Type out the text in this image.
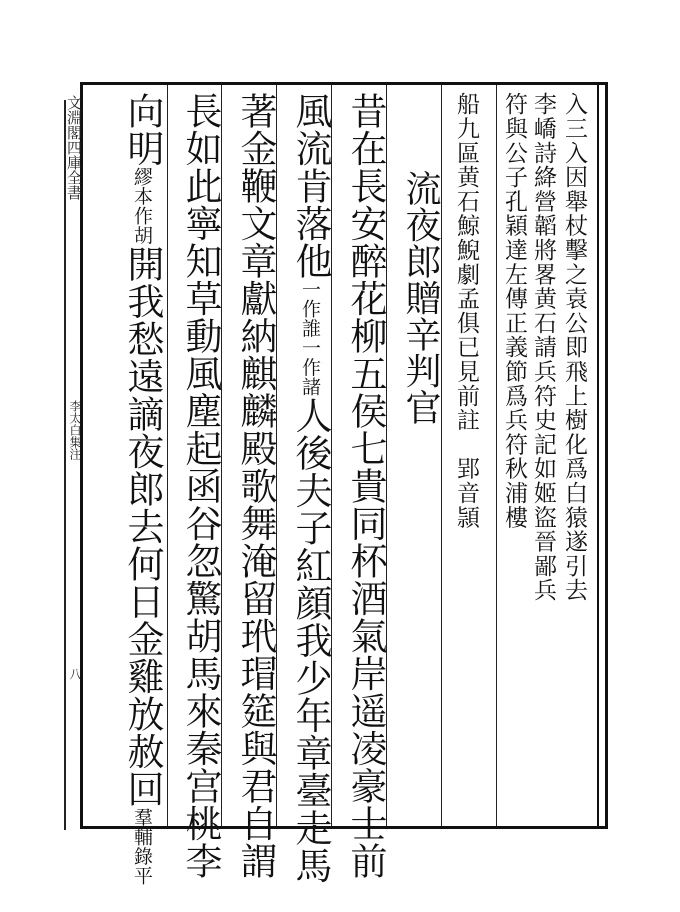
文淵閣四庫全書
李太白集注
八
入三入因舉杖擊之袁公即飛上樹化爲白猿遂引去
李嶠詩絳營韜將畧黄石請兵符史記如姬盜晉鄙兵
符與公子孔穎達左傳正義節爲兵符秋浦樓
船九區黄石鯨鯢劇孟俱已見前註　郢音頴
流夜郎贈辛判官
昔在長安醉花柳五侯七貴同杯酒氣岸遥凌豪士前
風流肯落他一作誰一作諸人後夫子紅顔我少年章臺走馬
著金鞭文章獻納麒麟殿歌舞淹留玳瑁筵與君自謂
長如此寧知草動風塵起函谷忽驚胡馬來秦宫桃李
向明繆本作胡開我愁遠謫夜郎去何日金雞放赦回羣輔錄平
